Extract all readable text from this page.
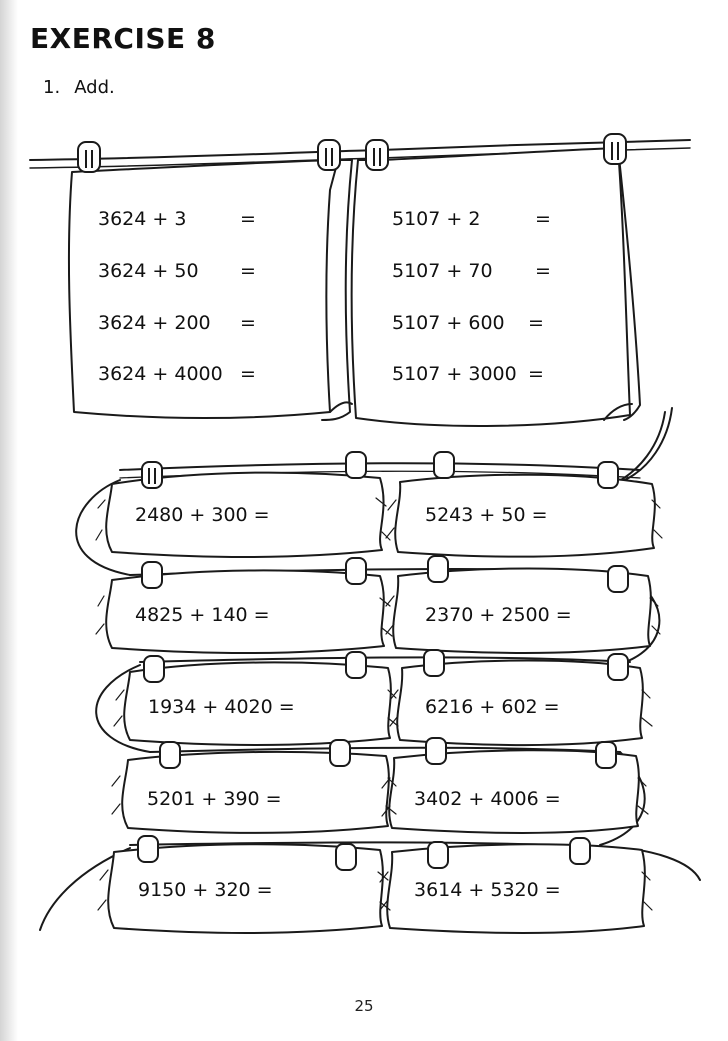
EXERCISE 8
1. Add.
3624 + 3	=
3624 + 50 =
3624 + 200 =
3624 + 4000 =
5107 + 2	=
5107 + 70 =
5107 + 600 =
5107 + 3000 =
2480 + 300 =	5243 + 50 =
4825 + 140 =	2370 + 2500 =
1934 + 4020 =	6216 + 602 =
5201 + 390 =	3402 + 4006 =
9150 + 320 =	3614 + 5320 =
25
